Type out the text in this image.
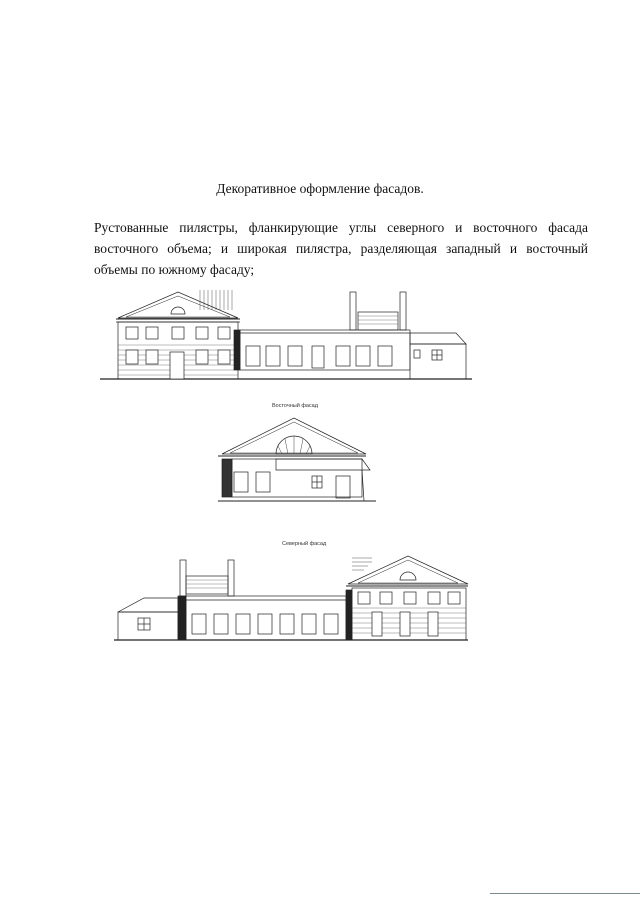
Декоративное оформление фасадов.
Рустованные пилястры, фланкирующие углы северного и восточного фасада восточного объема; и широкая пилястра, разделяющая западный и восточный объемы по южному фасаду;
Восточный фасад
Северный фасад
